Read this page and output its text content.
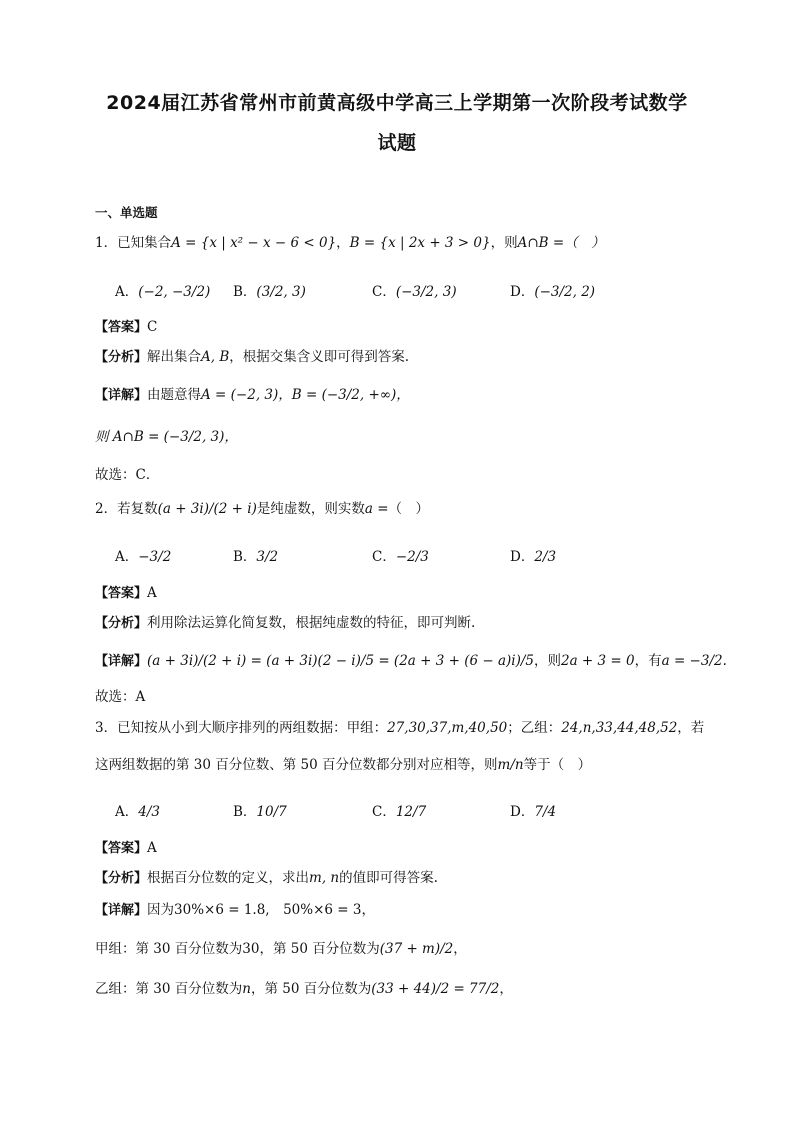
2024届江苏省常州市前黄高级中学高三上学期第一次阶段考试数学
试题
一、单选题
1．已知集合A = {x | x² − x − 6 < 0}，B = {x | 2x + 3 > 0}，则A∩B =（　）
A．(−2, −3/2) B．(3/2, 3)	C．(−3/2, 3)	D．(−3/2, 2)
【答案】C
【分析】解出集合A, B，根据交集含义即可得到答案.
【详解】由题意得A = (−2, 3)，B = (−3/2, +∞)，
则 A∩B = (−3/2, 3)，
故选：C．
2．若复数(a + 3i)/(2 + i)是纯虚数，则实数a =（　）
A．−3/2	B．3/2	C．−2/3	D．2/3
【答案】A
【分析】利用除法运算化简复数，根据纯虚数的特征，即可判断.
【详解】(a + 3i)/(2 + i) = (a + 3i)(2 − i)/5 = (2a + 3 + (6 − a)i)/5，则2a + 3 = 0，有a = −3/2.
故选：A
3．已知按从小到大顺序排列的两组数据：甲组：27,30,37,m,40,50；乙组：24,n,33,44,48,52，若
这两组数据的第 30 百分位数、第 50 百分位数都分别对应相等，则m/n等于（　）
A．4/3	B．10/7	C．12/7	D．7/4
【答案】A
【分析】根据百分位数的定义，求出m, n的值即可得答案.
【详解】因为30%×6 = 1.8,　50%×6 = 3，
甲组：第 30 百分位数为30，第 50 百分位数为(37 + m)/2，
乙组：第 30 百分位数为n，第 50 百分位数为(33 + 44)/2 = 77/2，
